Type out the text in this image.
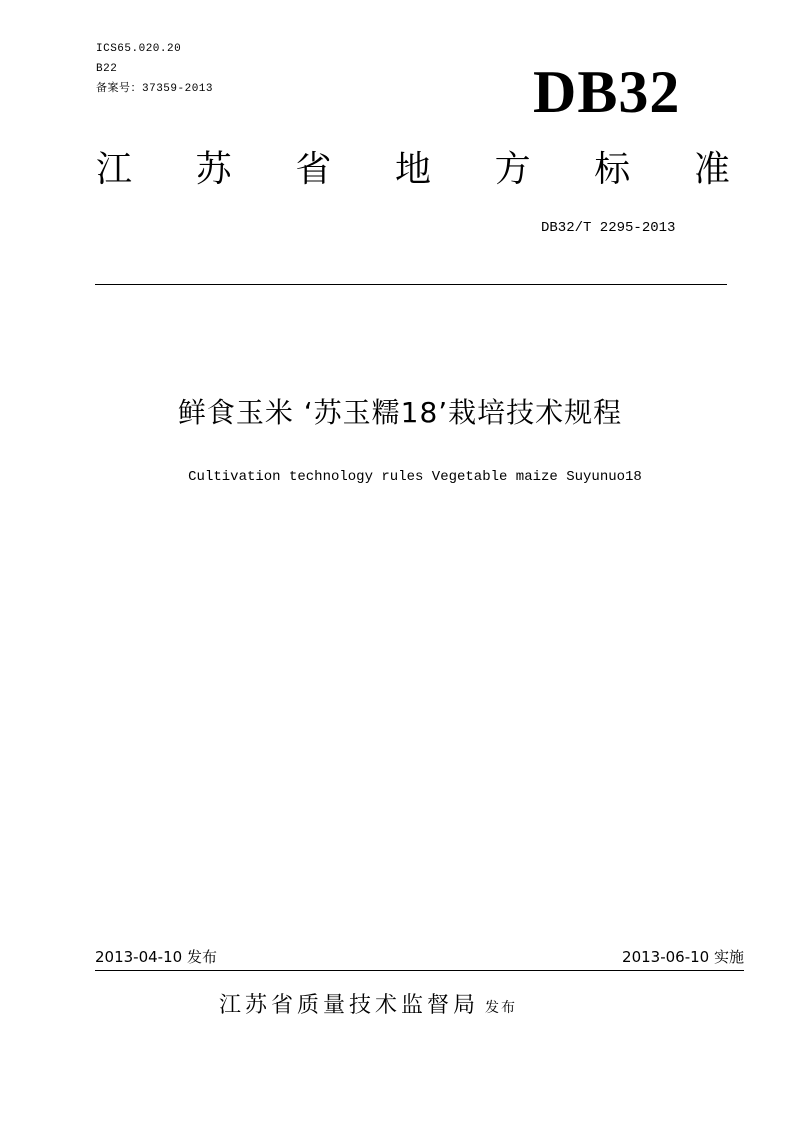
ICS65.020.20
B22
备案号：37359-2013	DB32
江 苏 省 地 方 标 准
DB32/T 2295-2013
鲜食玉米 ‘苏玉糯18’栽培技术规程
Cultivation technology rules Vegetable maize Suyunuo18
2013-04-10 发布	2013-06-10 实施
江苏省质量技术监督局 发布
